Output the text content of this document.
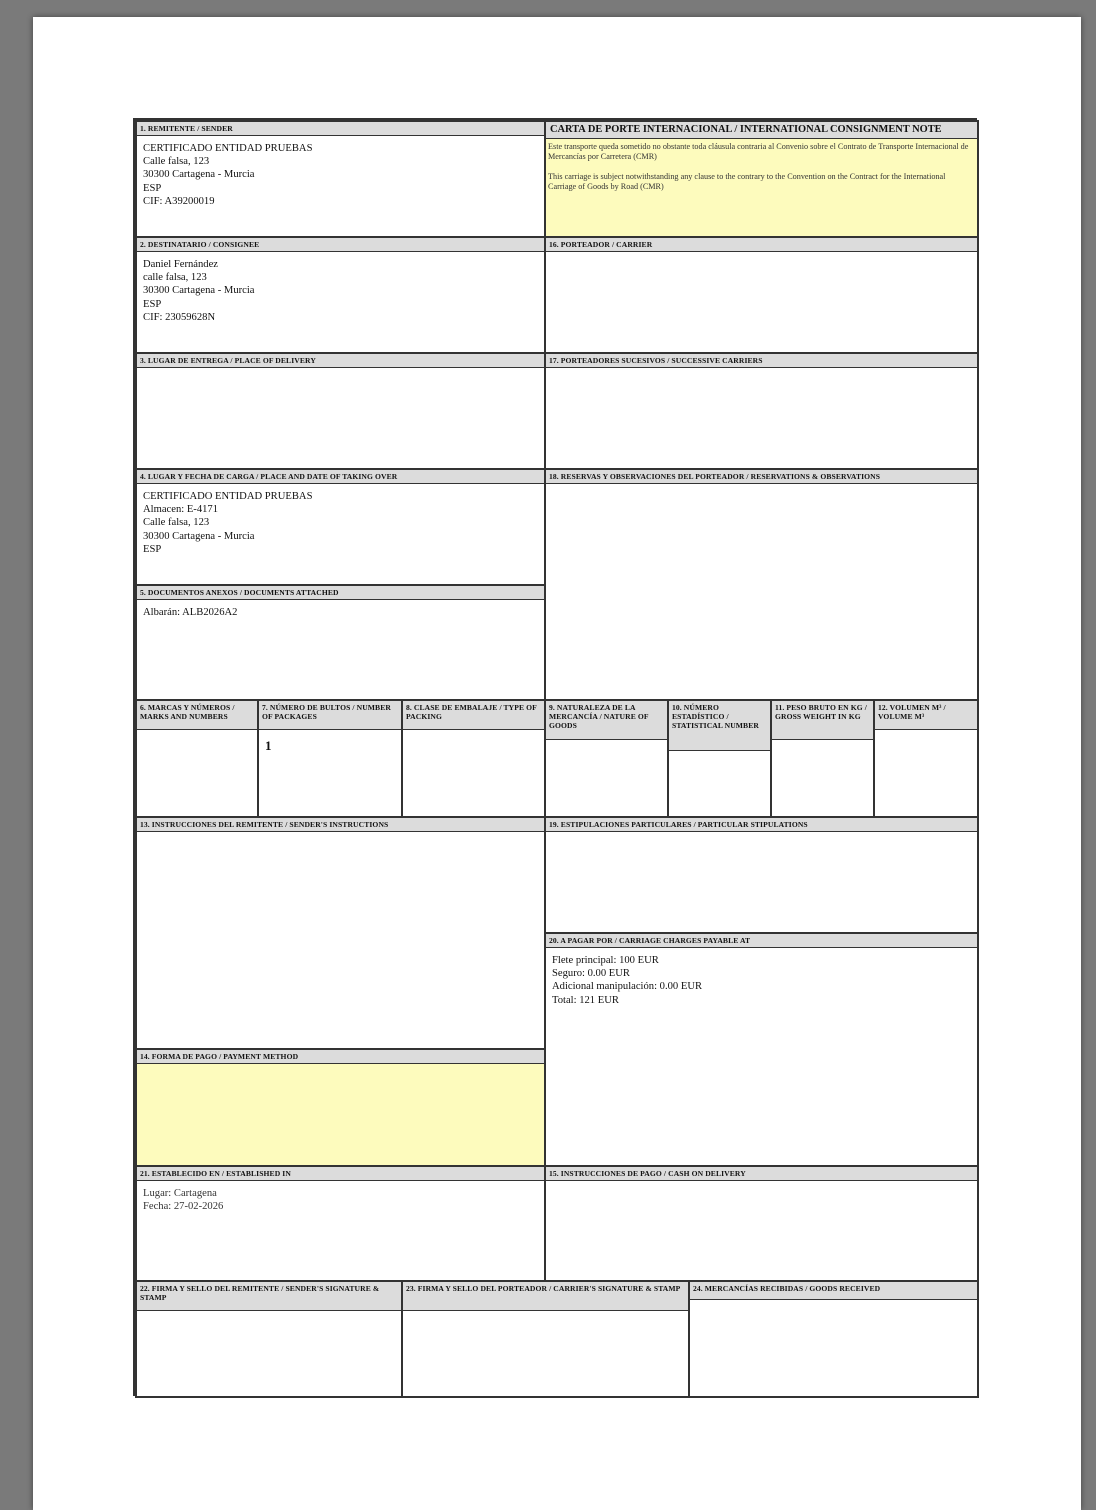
1. REMITENTE / SENDER
CERTIFICADO ENTIDAD PRUEBAS
Calle falsa, 123
30300 Cartagena - Murcia
ESP
CIF: A39200019
CARTA DE PORTE INTERNACIONAL / INTERNATIONAL CONSIGNMENT NOTE

Este transporte queda sometido no obstante toda cláusula contraria al Convenio sobre el Contrato de Transporte Internacional de Mercancías por Carretera (CMR)

This carriage is subject notwithstanding any clause to the contrary to the Convention on the Contract for the International Carriage of Goods by Road (CMR)

2. DESTINATARIO / CONSIGNEE
Daniel Fernández
calle falsa, 123
30300 Cartagena - Murcia
ESP
CIF: 23059628N
16. PORTEADOR / CARRIER
3. LUGAR DE ENTREGA / PLACE OF DELIVERY	17. PORTEADORES SUCESIVOS / SUCCESSIVE CARRIERS
4. LUGAR Y FECHA DE CARGA / PLACE AND DATE OF TAKING OVER
CERTIFICADO ENTIDAD PRUEBAS
Almacen: E-4171
Calle falsa, 123
30300 Cartagena - Murcia
ESP
18. RESERVAS Y OBSERVACIONES DEL PORTEADOR / RESERVATIONS & OBSERVATIONS
5. DOCUMENTOS ANEXOS / DOCUMENTS ATTACHED
Albarán: ALB2026A2
6. MARCAS Y NÚMEROS / MARKS AND NUMBERS
7. NÚMERO DE BULTOS / NUMBER OF PACKAGES
1
8. CLASE DE EMBALAJE / TYPE OF PACKING
9. NATURALEZA DE LA MERCANCÍA / NATURE OF GOODS
10. NÚMERO ESTADÍSTICO / STATISTICAL NUMBER
11. PESO BRUTO EN KG / GROSS WEIGHT IN KG
12. VOLUMEN M³ / VOLUME M³
13. INSTRUCCIONES DEL REMITENTE / SENDER'S INSTRUCTIONS	19. ESTIPULACIONES PARTICULARES / PARTICULAR STIPULATIONS
20. A PAGAR POR / CARRIAGE CHARGES PAYABLE AT
Flete principal: 100 EUR
Seguro: 0.00 EUR
Adicional manipulación: 0.00 EUR
Total: 121 EUR
14. FORMA DE PAGO / PAYMENT METHOD
21. ESTABLECIDO EN / ESTABLISHED IN
Lugar: Cartagena
Fecha: 27-02-2026
15. INSTRUCCIONES DE PAGO / CASH ON DELIVERY
22. FIRMA Y SELLO DEL REMITENTE / SENDER'S SIGNATURE & STAMP
23. FIRMA Y SELLO DEL PORTEADOR / CARRIER'S SIGNATURE & STAMP	24. MERCANCÍAS RECIBIDAS / GOODS RECEIVED
